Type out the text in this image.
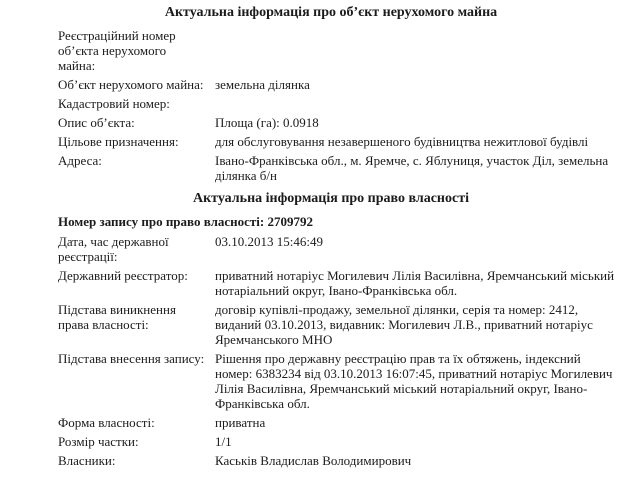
Актуальна інформація про об’єкт нерухомого майна
Реєстраційний номер об’єкта нерухомого майна:
Об’єкт нерухомого майна: земельна ділянка
Кадастровий номер:
Опис об’єкта:	Площа (га): 0.0918
Цільове призначення:	для обслуговування незавершеного будівництва нежитлової будівлі
Адреса:	Івано-Франківська обл., м. Яремче, с. Яблуниця, участок Діл, земельна ділянка б/н
Актуальна інформація про право власності
Номер запису про право власності: 2709792
Дата, час державної реєстрації:
03.10.2013 15:46:49
Державний реєстратор:	приватний нотаріус Могилевич Лілія Василівна, Яремчанський міський нотаріальний округ, Івано-Франківська обл.
Підстава виникнення права власності:
договір купівлі-продажу, земельної ділянки, серія та номер: 2412, виданий 03.10.2013, видавник: Могилевич Л.В., приватний нотаріус Яремчанського МНО
Підстава внесення запису: Рішення про державну реєстрацію прав та їх обтяжень, індексний номер: 6383234 від 03.10.2013 16:07:45, приватний нотаріус Могилевич Лілія Василівна, Яремчанський міський нотаріальний округ, Івано-Франківська обл.
Форма власності:	приватна
Розмір частки:	1/1
Власники:	Каськів Владислав Володимирович
